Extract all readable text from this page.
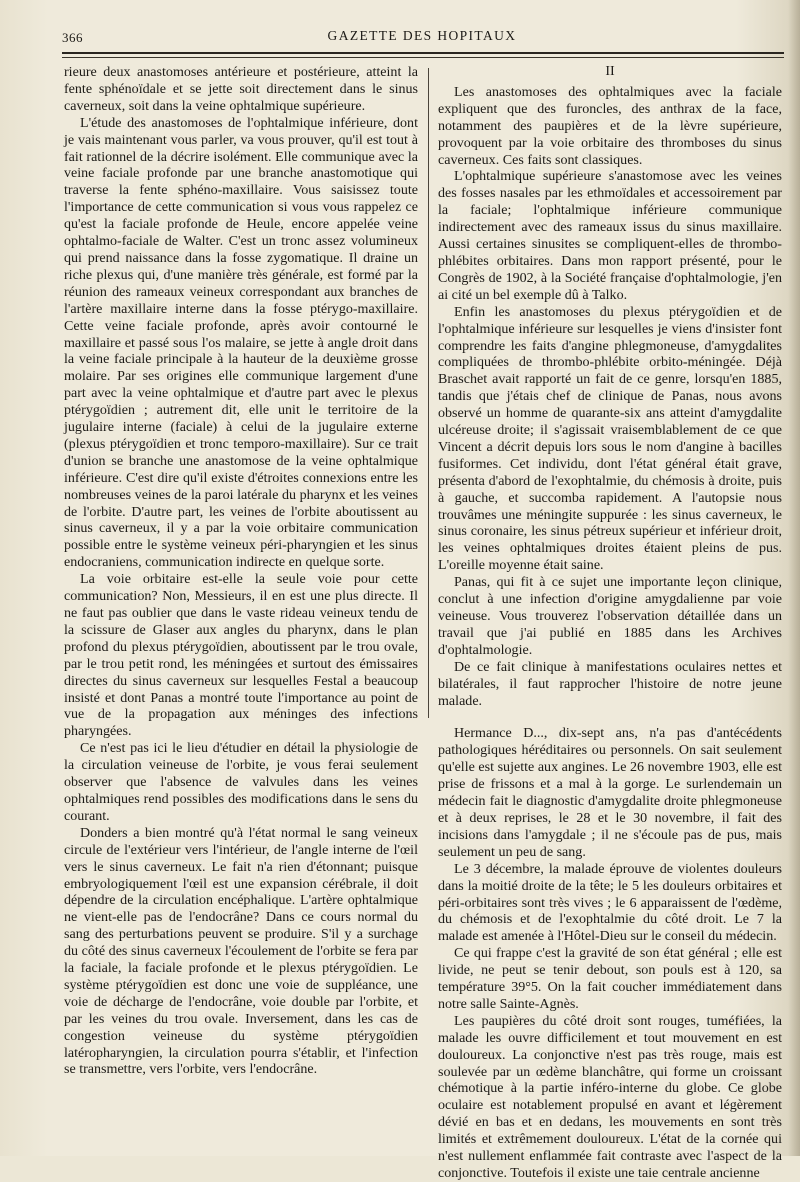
366	GAZETTE DES HOPITAUX

rieure deux anastomoses antérieure et postérieure, atteint la fente sphénoïdale et se jette soit directement dans le sinus caverneux, soit dans la veine ophtalmique supérieure.

L'étude des anastomoses de l'ophtalmique inférieure, dont je vais maintenant vous parler, va vous prouver, qu'il est tout à fait rationnel de la décrire isolément. Elle communique avec la veine faciale profonde par une branche anastomotique qui traverse la fente sphéno-maxillaire. Vous saisissez toute l'importance de cette communication si vous vous rappelez ce qu'est la faciale profonde de Heule, encore appelée veine ophtalmo-faciale de Walter. C'est un tronc assez volumineux qui prend naissance dans la fosse zygomatique. Il draine un riche plexus qui, d'une manière très générale, est formé par la réunion des rameaux veineux correspondant aux branches de l'artère maxillaire interne dans la fosse ptérygo-maxillaire. Cette veine faciale profonde, après avoir contourné le maxillaire et passé sous l'os malaire, se jette à angle droit dans la veine faciale principale à la hauteur de la deuxième grosse molaire. Par ses origines elle communique largement d'une part avec la veine ophtalmique et d'autre part avec le plexus ptérygoïdien ; autrement dit, elle unit le territoire de la jugulaire interne (faciale) à celui de la jugulaire externe (plexus ptérygoïdien et tronc temporo-maxillaire). Sur ce trait d'union se branche une anastomose de la veine ophtalmique inférieure. C'est dire qu'il existe d'étroites connexions entre les nombreuses veines de la paroi latérale du pharynx et les veines de l'orbite. D'autre part, les veines de l'orbite aboutissent au sinus caverneux, il y a par la voie orbitaire communication possible entre le système veineux péri-pharyngien et les sinus endocraniens, communication indirecte en quelque sorte.

La voie orbitaire est-elle la seule voie pour cette communication? Non, Messieurs, il en est une plus directe. Il ne faut pas oublier que dans le vaste rideau veineux tendu de la scissure de Glaser aux angles du pharynx, dans le plan profond du plexus ptérygoïdien, aboutissent par le trou ovale, par le trou petit rond, les méningées et surtout des émissaires directes du sinus caverneux sur lesquelles Festal a beaucoup insisté et dont Panas a montré toute l'importance au point de vue de la propagation aux méninges des infections pharyngées.

Ce n'est pas ici le lieu d'étudier en détail la physiologie de la circulation veineuse de l'orbite, je vous ferai seulement observer que l'absence de valvules dans les veines ophtalmiques rend possibles des modifications dans le sens du courant.

Donders a bien montré qu'à l'état normal le sang veineux circule de l'extérieur vers l'intérieur, de l'angle interne de l'œil vers le sinus caverneux. Le fait n'a rien d'étonnant; puisque embryologiquement l'œil est une expansion cérébrale, il doit dépendre de la circulation encéphalique. L'artère ophtalmique ne vient-elle pas de l'endocrâne? Dans ce cours normal du sang des perturbations peuvent se produire. S'il y a surchage du côté des sinus caverneux l'écoulement de l'orbite se fera par la faciale, la faciale profonde et le plexus ptérygoïdien. Le système ptérygoïdien est donc une voie de suppléance, une voie de décharge de l'endocrâne, voie double par l'orbite, et par les veines du trou ovale. Inversement, dans les cas de congestion veineuse du système ptérygoïdien latéropharyngien, la circulation pourra s'établir, et l'infection se transmettre, vers l'orbite, vers l'endocrâne.

II

Les anastomoses des ophtalmiques avec la faciale expliquent que des furoncles, des anthrax de la face, notamment des paupières et de la lèvre supérieure, provoquent par la voie orbitaire des thromboses du sinus caverneux. Ces faits sont classiques.

L'ophtalmique supérieure s'anastomose avec les veines des fosses nasales par les ethmoïdales et accessoirement par la faciale; l'ophtalmique inférieure communique indirectement avec des rameaux issus du sinus maxillaire. Aussi certaines sinusites se compliquent-elles de thrombo-phlébites orbitaires. Dans mon rapport présenté, pour le Congrès de 1902, à la Société française d'ophtalmologie, j'en ai cité un bel exemple dû à Talko.

Enfin les anastomoses du plexus ptérygoïdien et de l'ophtalmique inférieure sur lesquelles je viens d'insister font comprendre les faits d'angine phlegmoneuse, d'amygdalites compliquées de thrombo-phlébite orbito-méningée. Déjà Braschet avait rapporté un fait de ce genre, lorsqu'en 1885, tandis que j'étais chef de clinique de Panas, nous avons observé un homme de quarante-six ans atteint d'amygdalite ulcéreuse droite; il s'agissait vraisemblablement de ce que Vincent a décrit depuis lors sous le nom d'angine à bacilles fusiformes. Cet individu, dont l'état général était grave, présenta d'abord de l'exophtalmie, du chémosis à droite, puis à gauche, et succomba rapidement. A l'autopsie nous trouvâmes une méningite suppurée : les sinus caverneux, le sinus coronaire, les sinus pétreux supérieur et inférieur droit, les veines ophtalmiques droites étaient pleins de pus. L'oreille moyenne était saine.

Panas, qui fit à ce sujet une importante leçon clinique, conclut à une infection d'origine amygdalienne par voie veineuse. Vous trouverez l'observation détaillée dans un travail que j'ai publié en 1885 dans les Archives d'ophtalmologie.

De ce fait clinique à manifestations oculaires nettes et bilatérales, il faut rapprocher l'histoire de notre jeune malade.

Hermance D..., dix-sept ans, n'a pas d'antécédents pathologiques héréditaires ou personnels. On sait seulement qu'elle est sujette aux angines. Le 26 novembre 1903, elle est prise de frissons et a mal à la gorge. Le surlendemain un médecin fait le diagnostic d'amygdalite droite phlegmoneuse et à deux reprises, le 28 et le 30 novembre, il fait des incisions dans l'amygdale ; il ne s'écoule pas de pus, mais seulement un peu de sang.

Le 3 décembre, la malade éprouve de violentes douleurs dans la moitié droite de la tête; le 5 les douleurs orbitaires et péri-orbitaires sont très vives ; le 6 apparaissent de l'œdème, du chémosis et de l'exophtalmie du côté droit. Le 7 la malade est amenée à l'Hôtel-Dieu sur le conseil du médecin.

Ce qui frappe c'est la gravité de son état général ; elle est livide, ne peut se tenir debout, son pouls est à 120, sa température 39°5. On la fait coucher immédiatement dans notre salle Sainte-Agnès.

Les paupières du côté droit sont rouges, tuméfiées, la malade les ouvre difficilement et tout mouvement en est douloureux. La conjonctive n'est pas très rouge, mais est soulevée par un œdème blanchâtre, qui forme un croissant chémotique à la partie inféro-interne du globe. Ce globe oculaire est notablement propulsé en avant et légèrement dévié en bas et en dedans, les mouvements en sont très limités et extrêmement douloureux. L'état de la cornée qui n'est nullement enflammée fait contraste avec l'aspect de la conjonctive. Toutefois il existe une taie centrale ancienne
